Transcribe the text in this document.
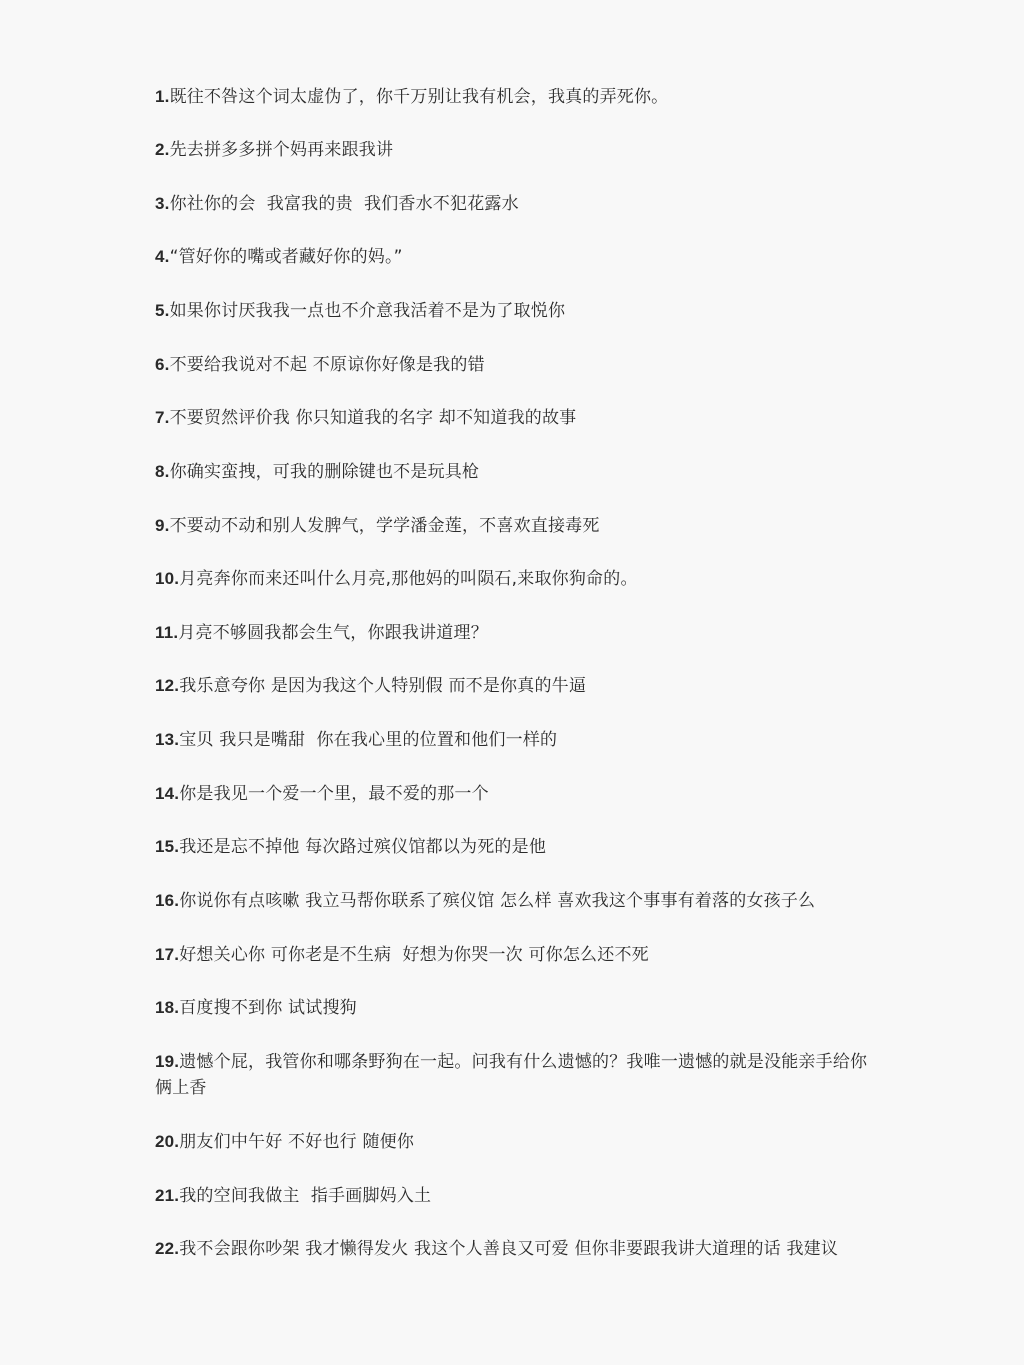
1.既往不咎这个词太虚伪了，你千万别让我有机会，我真的弄死你。
2.先去拼多多拼个妈再来跟我讲
3.你社你的会  我富我的贵  我们香水不犯花露水
4.“管好你的嘴或者藏好你的妈。”
5.如果你讨厌我我一点也不介意我活着不是为了取悦你
6.不要给我说对不起 不原谅你好像是我的错
7.不要贸然评价我 你只知道我的名字 却不知道我的故事
8.你确实蛮拽，可我的删除键也不是玩具枪
9.不要动不动和别人发脾气，学学潘金莲，不喜欢直接毒死
10.月亮奔你而来还叫什么月亮,那他妈的叫陨石,来取你狗命的。
11.月亮不够圆我都会生气，你跟我讲道理？
12.我乐意夸你 是因为我这个人特别假 而不是你真的牛逼
13.宝贝 我只是嘴甜  你在我心里的位置和他们一样的
14.你是我见一个爱一个里，最不爱的那一个
15.我还是忘不掉他 每次路过殡仪馆都以为死的是他
16.你说你有点咳嗽 我立马帮你联系了殡仪馆 怎么样 喜欢我这个事事有着落的女孩子么
17.好想关心你 可你老是不生病  好想为你哭一次 可你怎么还不死
18.百度搜不到你 试试搜狗
19.遗憾个屁，我管你和哪条野狗在一起。问我有什么遗憾的？我唯一遗憾的就是没能亲手给你俩上香
20.朋友们中午好 不好也行 随便你
21.我的空间我做主  指手画脚妈入土
22.我不会跟你吵架 我才懒得发火 我这个人善良又可爱 但你非要跟我讲大道理的话 我建议
